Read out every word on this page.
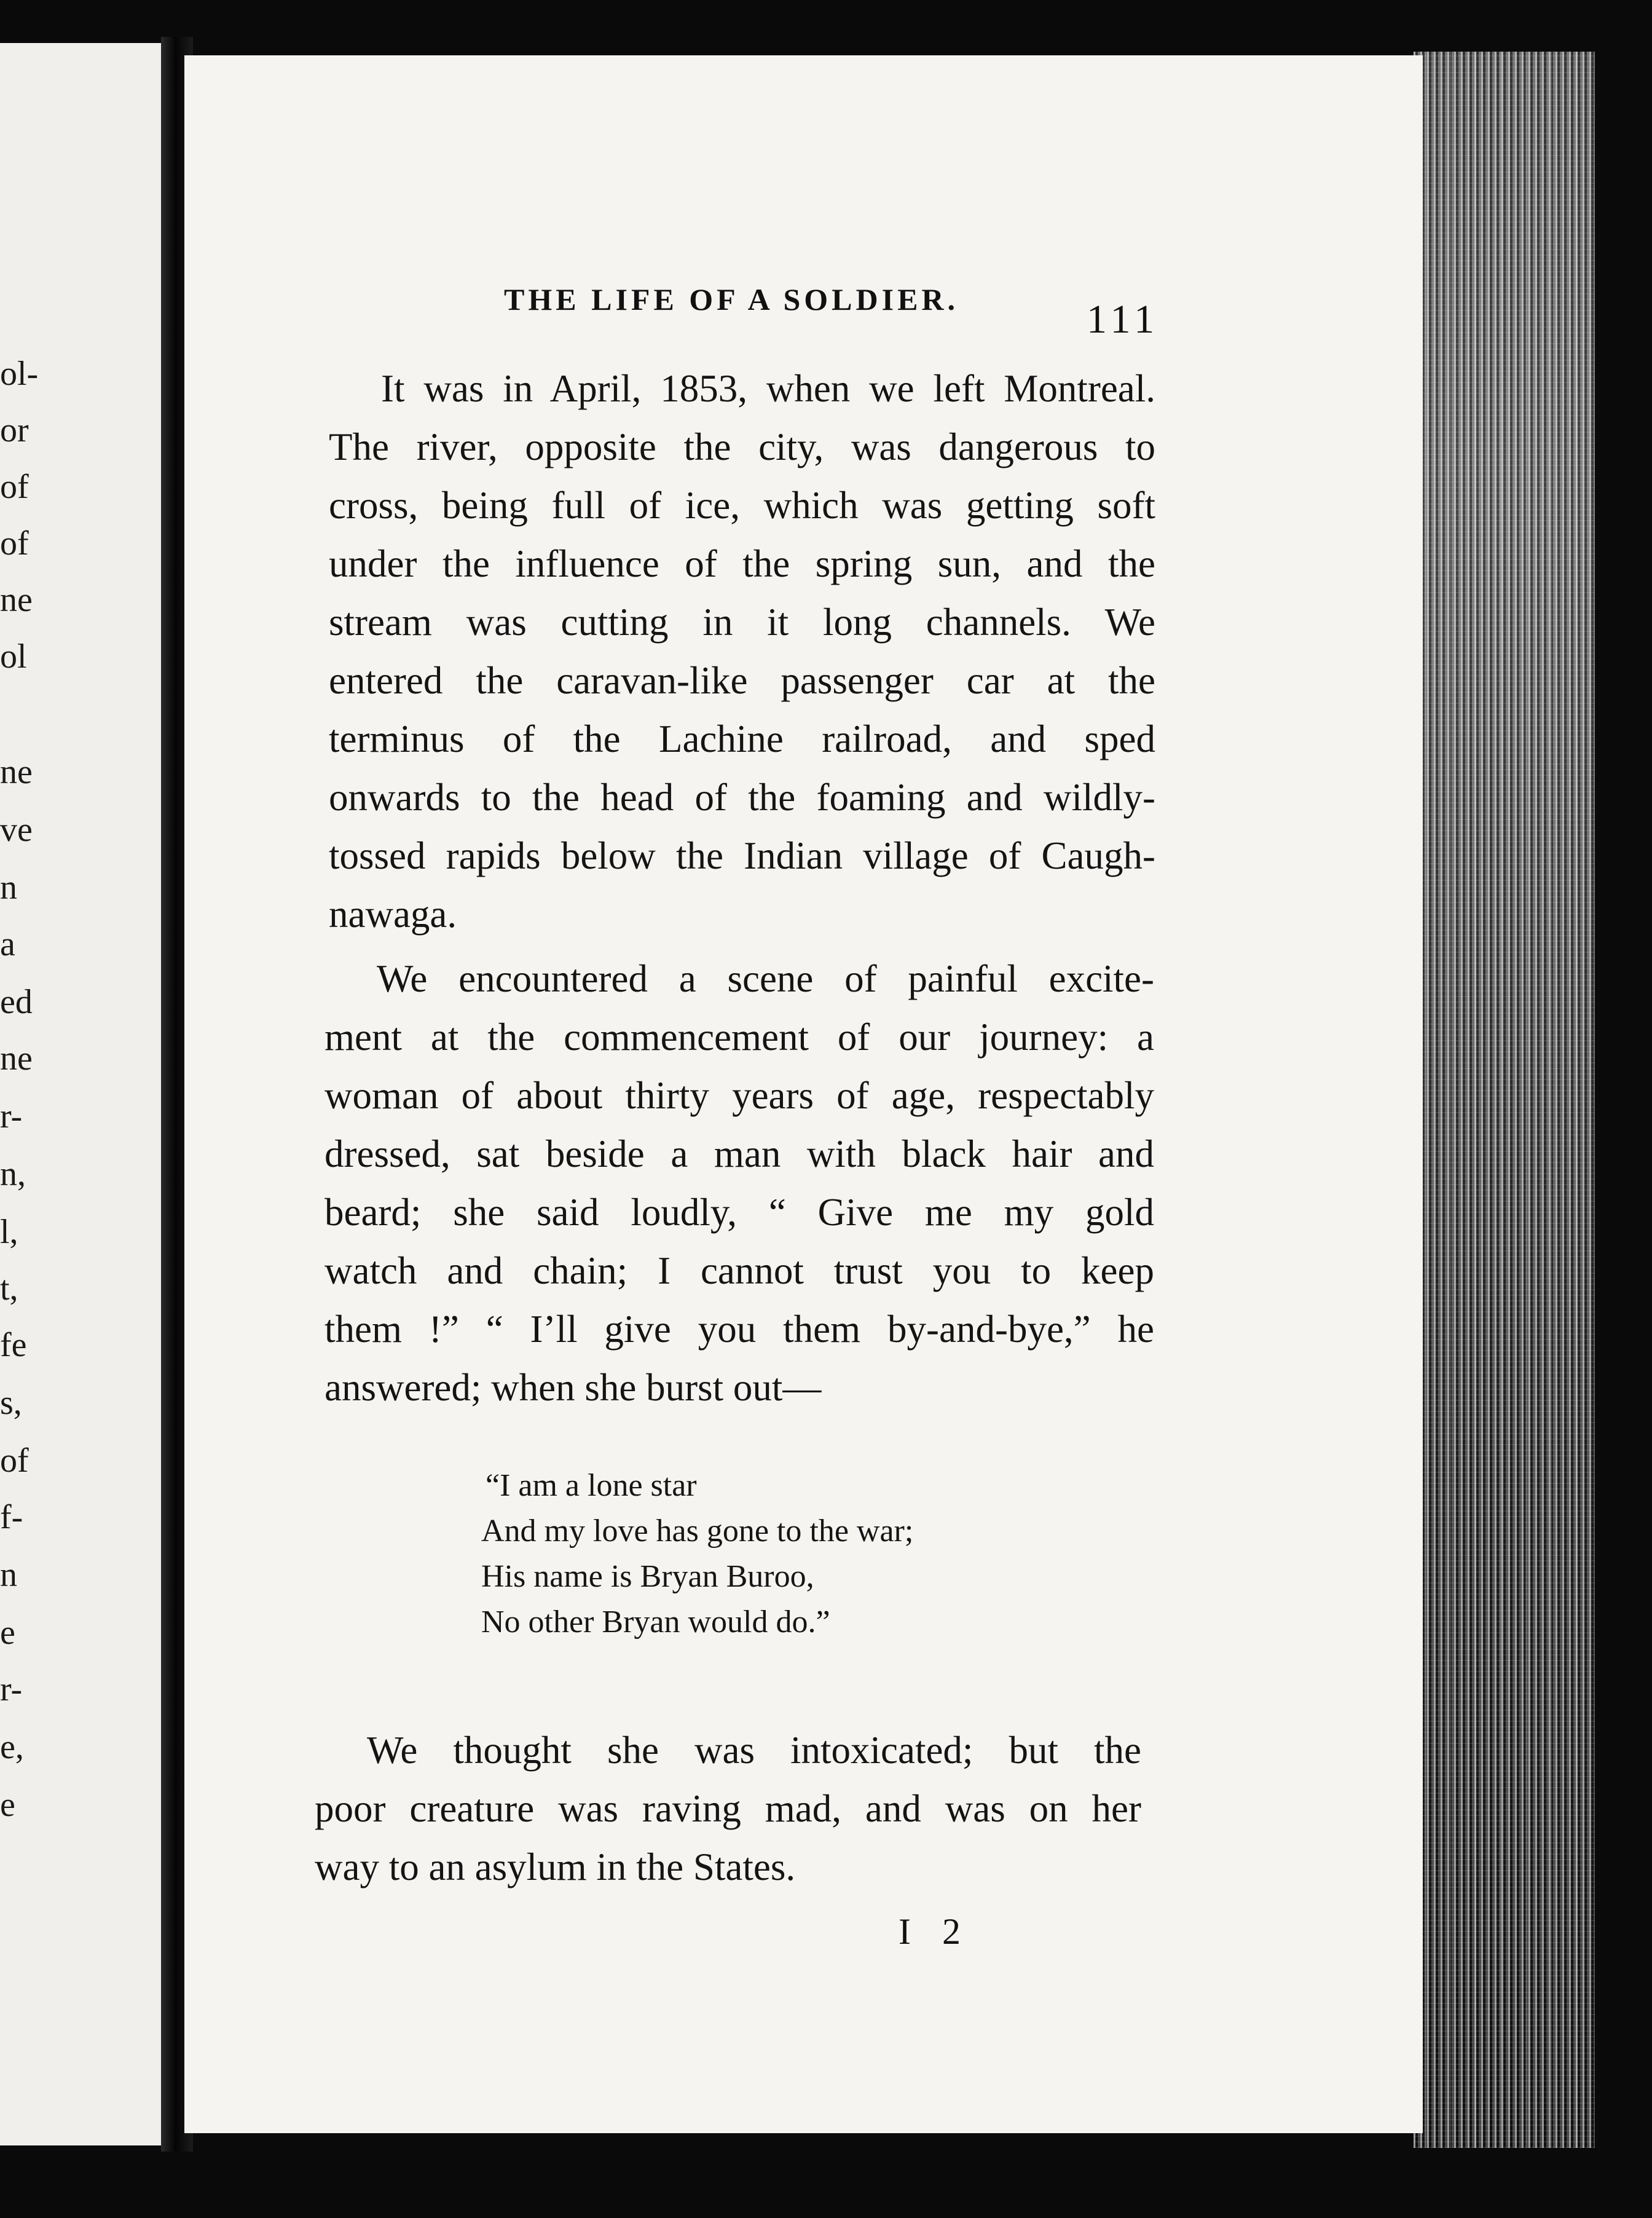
ol-

or

of

of

ne

ol

ne

ve

n

a

ed

ne

r-

n,

l,

t,

fe

s,

of

f-

n

e

r-

e,

e

THE LIFE OF A SOLDIER.	111

It was in April, 1853, when we left Montreal.
The river, opposite the city, was dangerous to
cross, being full of ice, which was getting soft
under the influence of the spring sun, and the
stream was cutting in it long channels. We
entered the caravan-like passenger car at the
terminus of the Lachine railroad, and sped
onwards to the head of the foaming and wildly-
tossed rapids below the Indian village of Caugh-
nawaga.
We encountered a scene of painful excite-
ment at the commencement of our journey: a
woman of about thirty years of age, respectably
dressed, sat beside a man with black hair and
beard; she said loudly, “ Give me my gold
watch and chain; I cannot trust you to keep
them !” “ I’ll give you them by-and-bye,” he
answered; when she burst out—
“I am a lone star
And my love has gone to the war;
His name is Bryan Buroo,
No other Bryan would do.”
We thought she was intoxicated; but the
poor creature was raving mad, and was on her
way to an asylum in the States.

I 2
